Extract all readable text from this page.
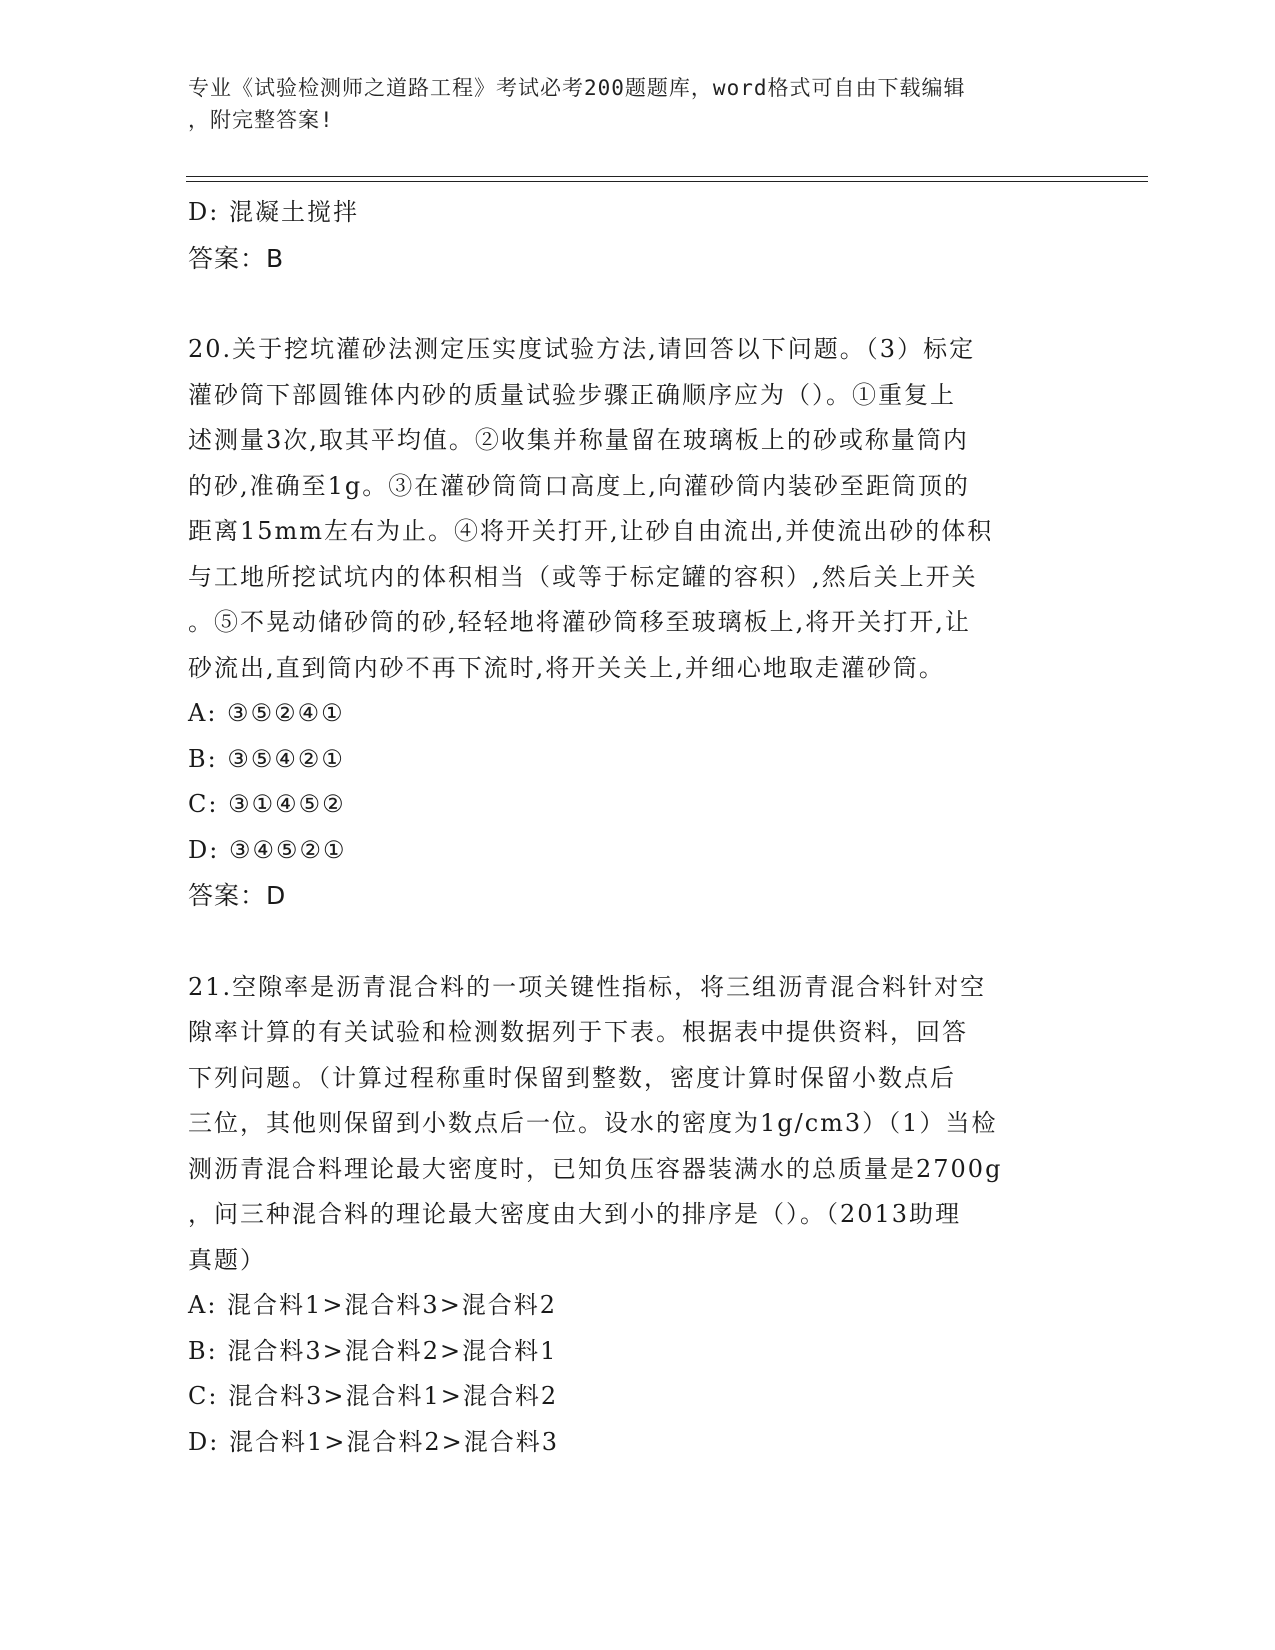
专业《试验检测师之道路工程》考试必考200题题库，word格式可自由下载编辑

，附完整答案!

D: 混凝土搅拌
答案：B
20.关于挖坑灌砂法测定压实度试验方法,请回答以下问题。（3）标定
灌砂筒下部圆锥体内砂的质量试验步骤正确顺序应为（）。①重复上
述测量3次,取其平均值。②收集并称量留在玻璃板上的砂或称量筒内
的砂,准确至1g。③在灌砂筒筒口高度上,向灌砂筒内装砂至距筒顶的
距离15mm左右为止。④将开关打开,让砂自由流出,并使流出砂的体积
与工地所挖试坑内的体积相当（或等于标定罐的容积）,然后关上开关
。⑤不晃动储砂筒的砂,轻轻地将灌砂筒移至玻璃板上,将开关打开,让
砂流出,直到筒内砂不再下流时,将开关关上,并细心地取走灌砂筒。
A: ③⑤②④①
B: ③⑤④②①
C: ③①④⑤②
D: ③④⑤②①
答案：D
21.空隙率是沥青混合料的一项关键性指标，将三组沥青混合料针对空
隙率计算的有关试验和检测数据列于下表。根据表中提供资料，回答
下列问题。（计算过程称重时保留到整数，密度计算时保留小数点后
三位，其他则保留到小数点后一位。设水的密度为1g/cm3）（1）当检
测沥青混合料理论最大密度时，已知负压容器装满水的总质量是2700g
，问三种混合料的理论最大密度由大到小的排序是（）。（2013助理
真题）
A: 混合料1>混合料3>混合料2
B: 混合料3>混合料2>混合料1
C: 混合料3>混合料1>混合料2
D: 混合料1>混合料2>混合料3
